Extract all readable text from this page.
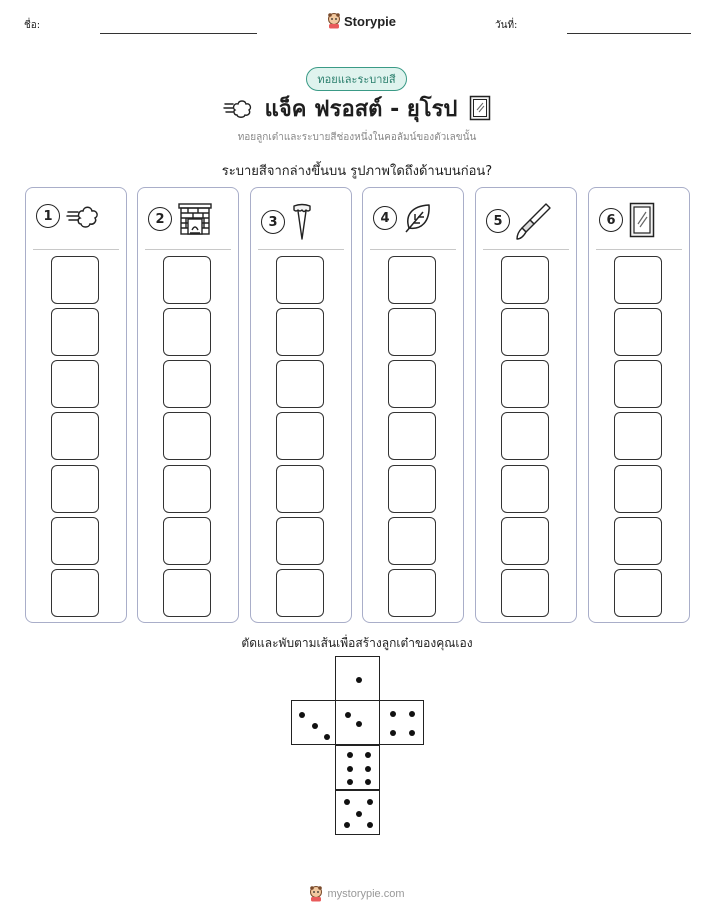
ชื่อ:	Storypie	วันที่:
ทอยและระบายสี
แจ็ค ฟรอสต์ - ยุโรป
ทอยลูกเต๋าและระบายสีช่องหนึ่งในคอลัมน์ของตัวเลขนั้น
ระบายสีจากล่างขึ้นบน รูปภาพใดถึงด้านบนก่อน?
1	2	3	4	5	6
ตัดและพับตามเส้นเพื่อสร้างลูกเต๋าของคุณเอง
mystorypie.com
